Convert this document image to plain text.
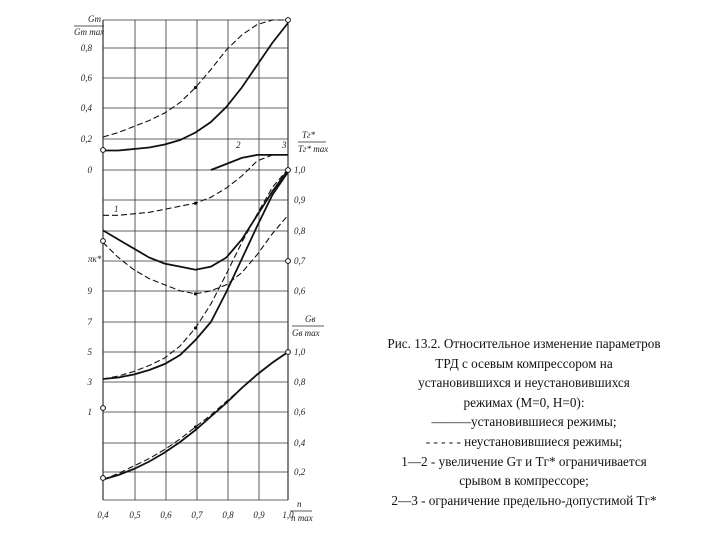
0,4 0,5 0,6 0,7 0,8 0,9 1,0
0,8
0,6
0,4
0,2
0
7
5
3
1
9
1,0
0,9
0,8
0,7
0,6
1,0
0,8
0,6
0,4
0,2
n
n max
Gт
Gт max
Tг*
Tг* max
πк*
Gв
Gв max
1
2	3
Рис. 13.2. Относительное изменение параметров
ТРД с осевым компрессором на
установившихся и неустановившихся
режимах (М=0, Н=0):
———установившиеся режимы;
- - - - - неустановившиеся режимы;
1—2 - увеличение Gт и Tг* ограничивается
срывом в компрессоре;
2—3 - ограничение предельно-допустимой Тг*
